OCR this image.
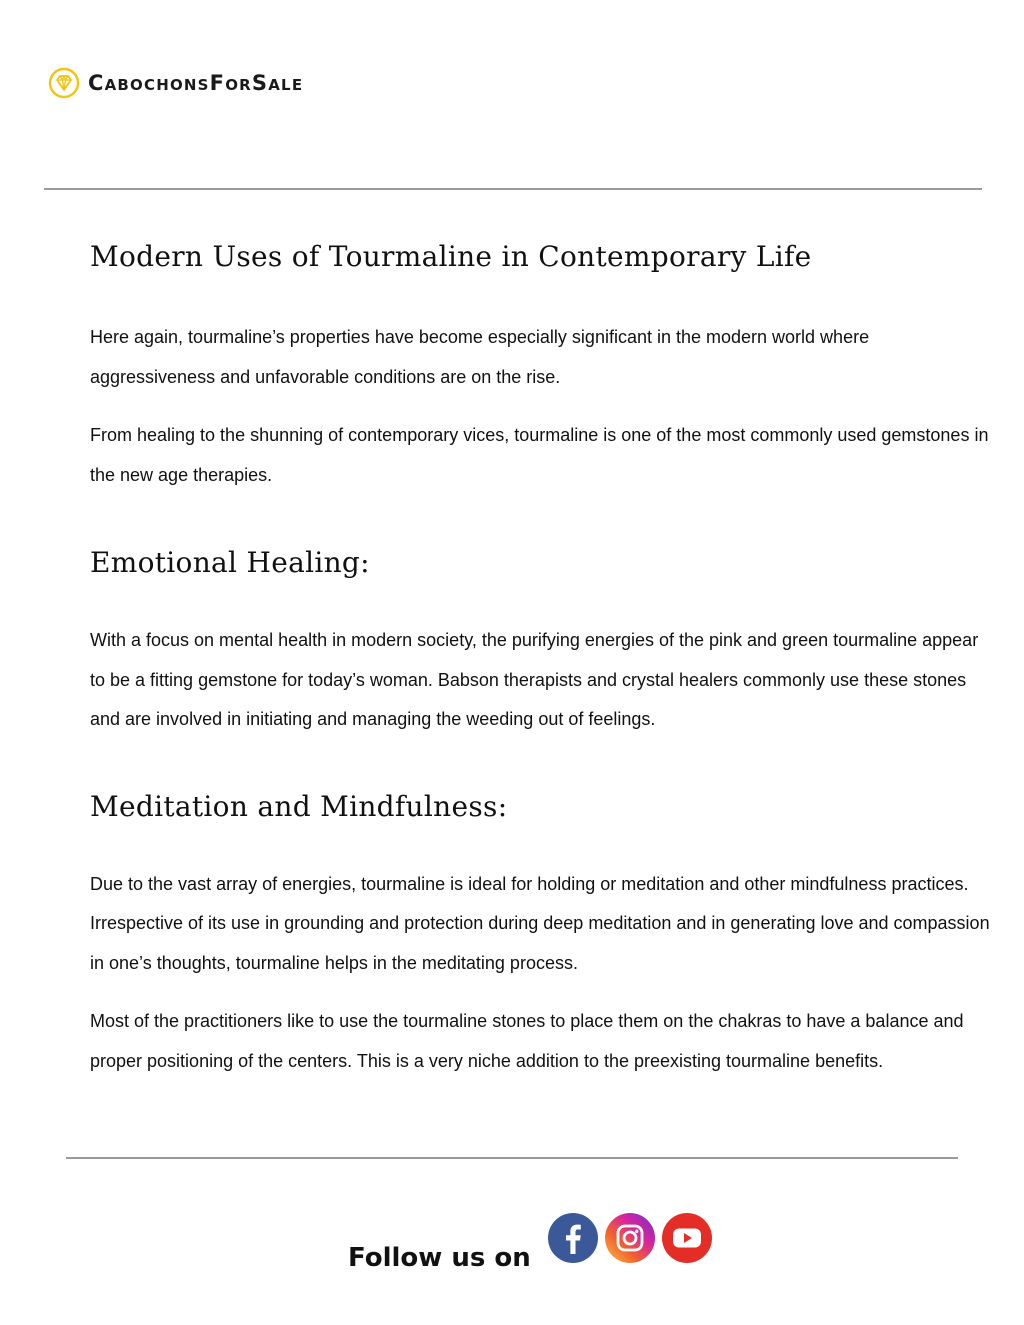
CabochonsForSale
Modern Uses of Tourmaline in Contemporary Life

Here again, tourmaline’s properties have become especially significant in the modern world where aggressiveness and unfavorable conditions are on the rise.

From healing to the shunning of contemporary vices, tourmaline is one of the most commonly used gemstones in the new age therapies.

Emotional Healing:

With a focus on mental health in modern society, the purifying energies of the pink and green tourmaline appear to be a fitting gemstone for today’s woman. Babson therapists and crystal healers commonly use these stones and are involved in initiating and managing the weeding out of feelings.

Meditation and Mindfulness:

Due to the vast array of energies, tourmaline is ideal for holding or meditation and other mindfulness practices. Irrespective of its use in grounding and protection during deep meditation and in generating love and compassion in one’s thoughts, tourmaline helps in the meditating process.

Most of the practitioners like to use the tourmaline stones to place them on the chakras to have a balance and proper positioning of the centers. This is a very niche addition to the preexisting tourmaline benefits.

Follow us on
